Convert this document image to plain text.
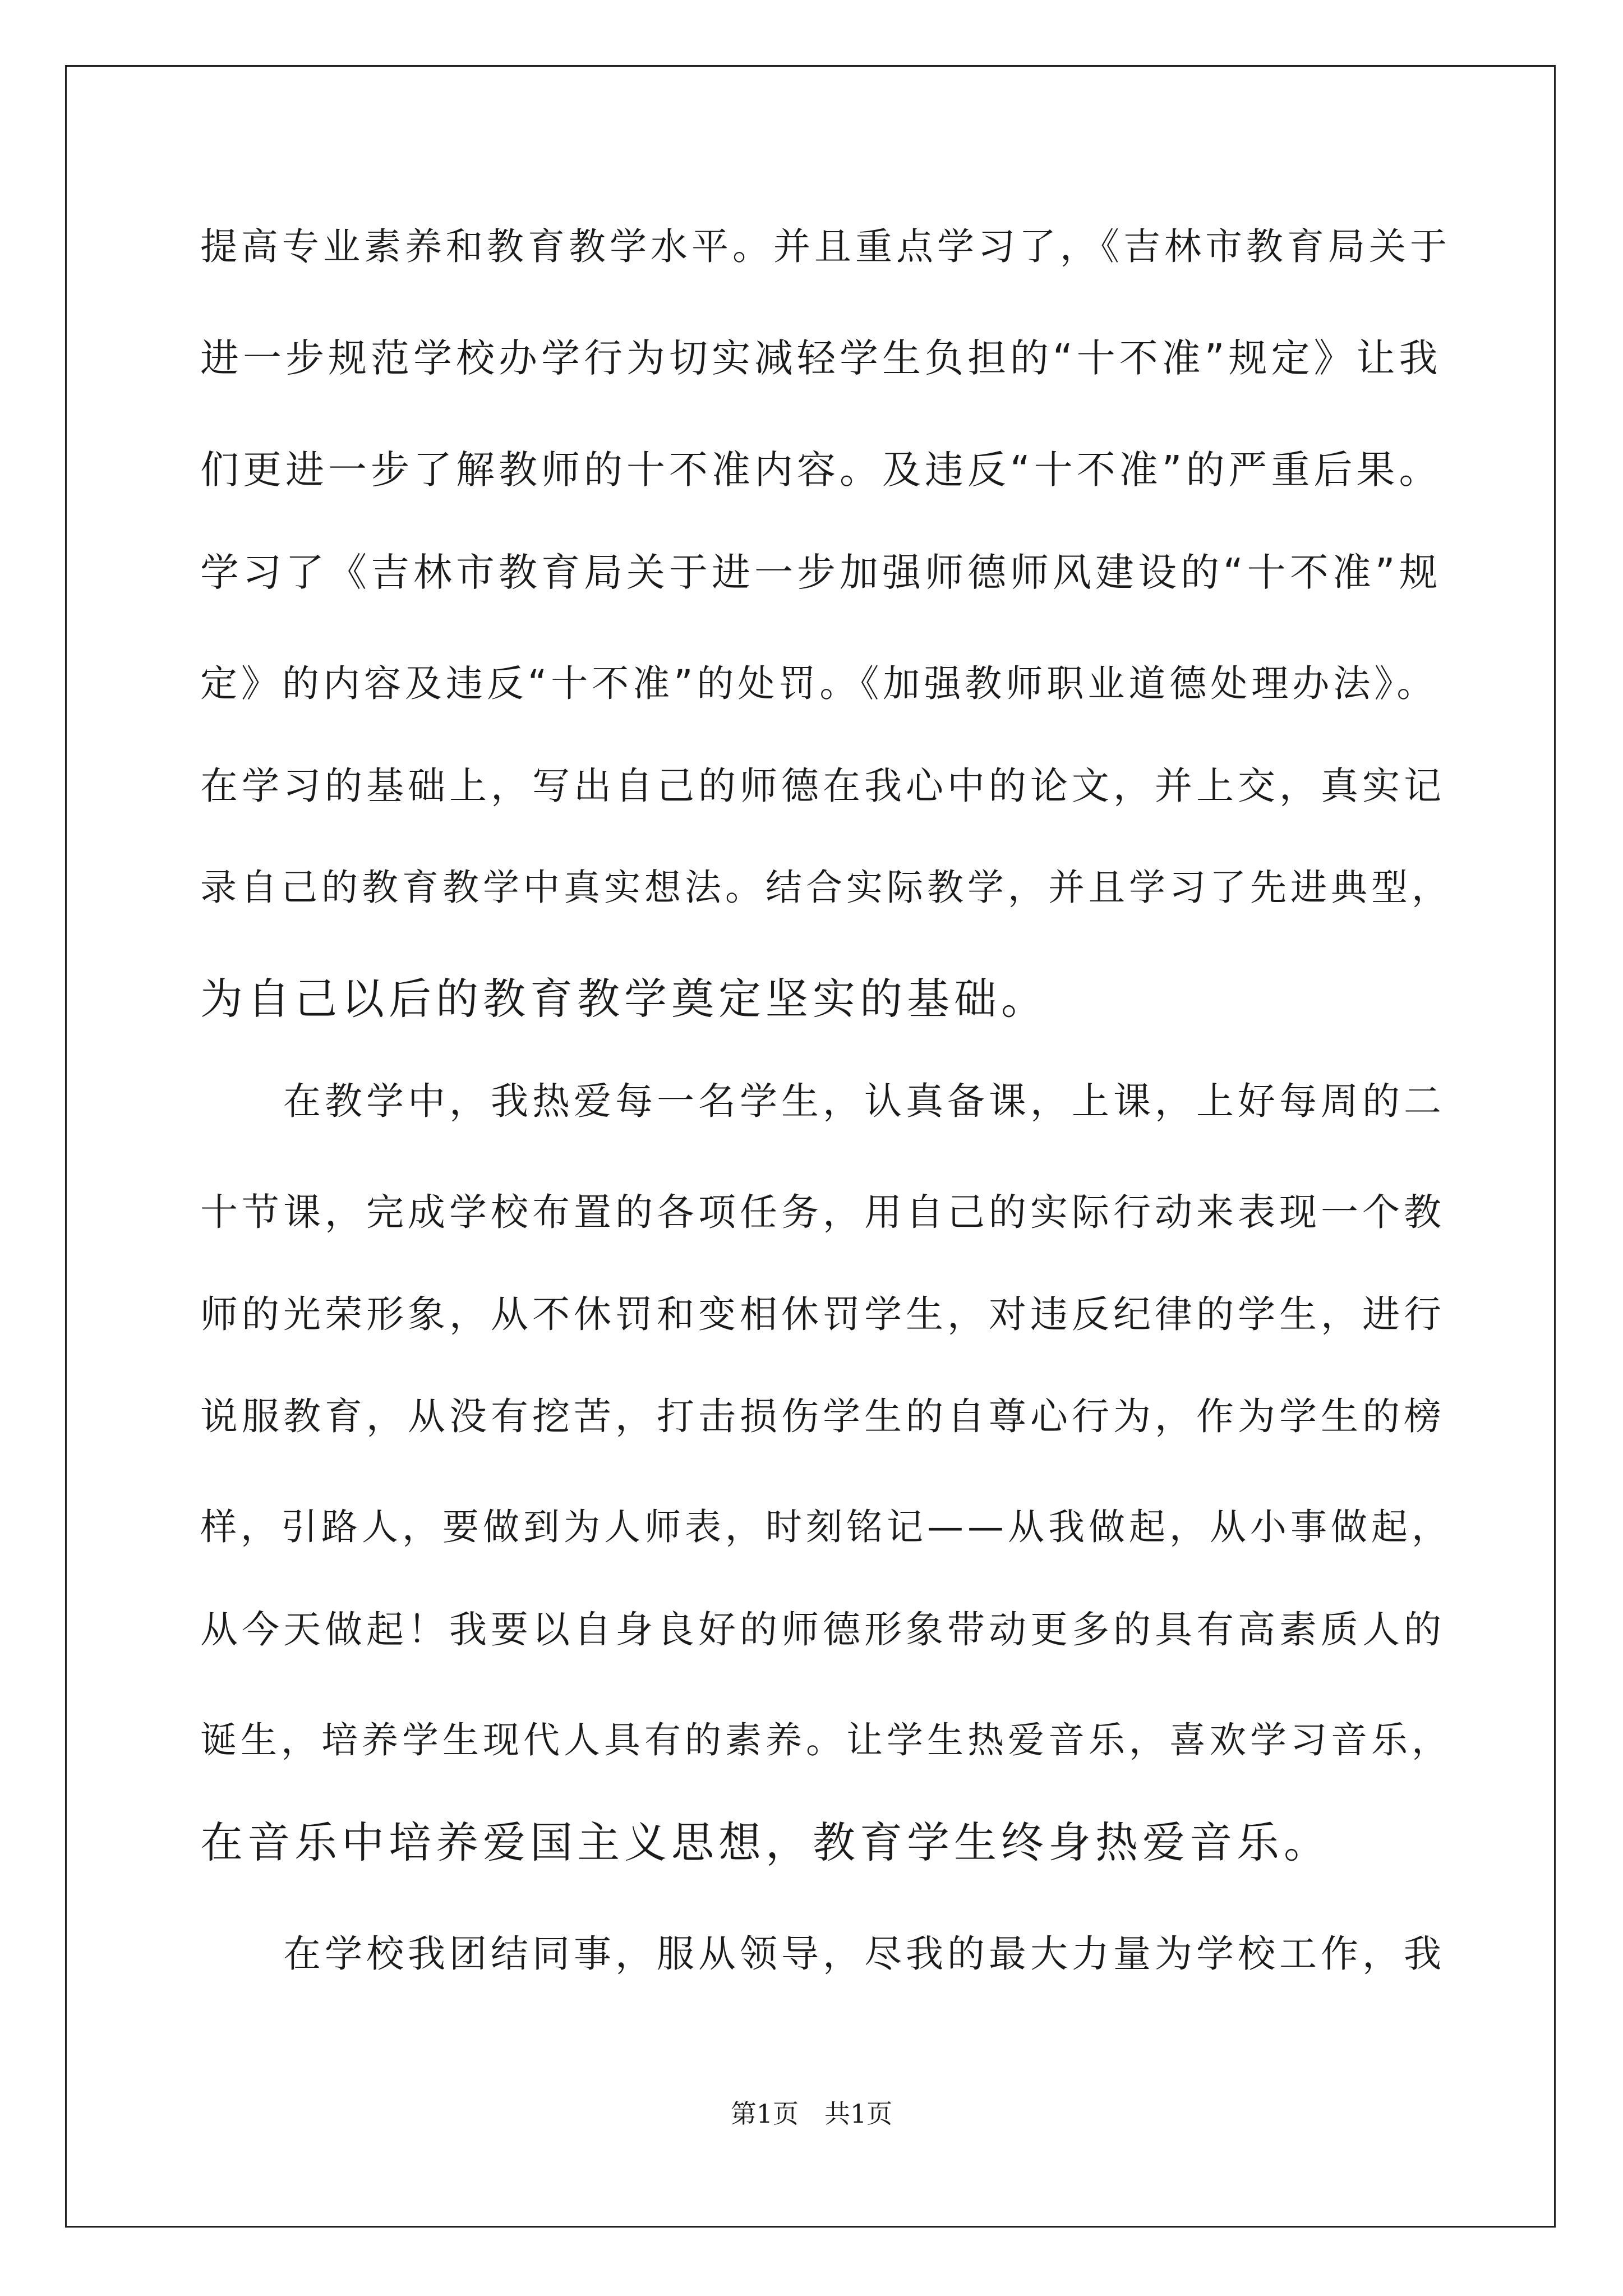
提高专业素养和教育教学水平。并且重点学习了，《吉林市教育局关于
进一步规范学校办学行为切实减轻学生负担的“十不准”规定》让我
们更进一步了解教师的十不准内容。及违反“十不准”的严重后果。
学习了《吉林市教育局关于进一步加强师德师风建设的“十不准”规
定》的内容及违反“十不准”的处罚。《加强教师职业道德处理办法》。
在学习的基础上，写出自己的师德在我心中的论文，并上交，真实记
录自己的教育教学中真实想法。结合实际教学，并且学习了先进典型，
为自己以后的教育教学奠定坚实的基础。
　　在教学中，我热爱每一名学生，认真备课，上课，上好每周的二
十节课，完成学校布置的各项任务，用自己的实际行动来表现一个教
师的光荣形象，从不休罚和变相休罚学生，对违反纪律的学生，进行
说服教育，从没有挖苦，打击损伤学生的自尊心行为，作为学生的榜
样，引路人，要做到为人师表，时刻铭记——从我做起，从小事做起，
从今天做起！我要以自身良好的师德形象带动更多的具有高素质人的
诞生，培养学生现代人具有的素养。让学生热爱音乐，喜欢学习音乐，
在音乐中培养爱国主义思想，教育学生终身热爱音乐。
　　在学校我团结同事，服从领导，尽我的最大力量为学校工作，我
第1页　共1页
